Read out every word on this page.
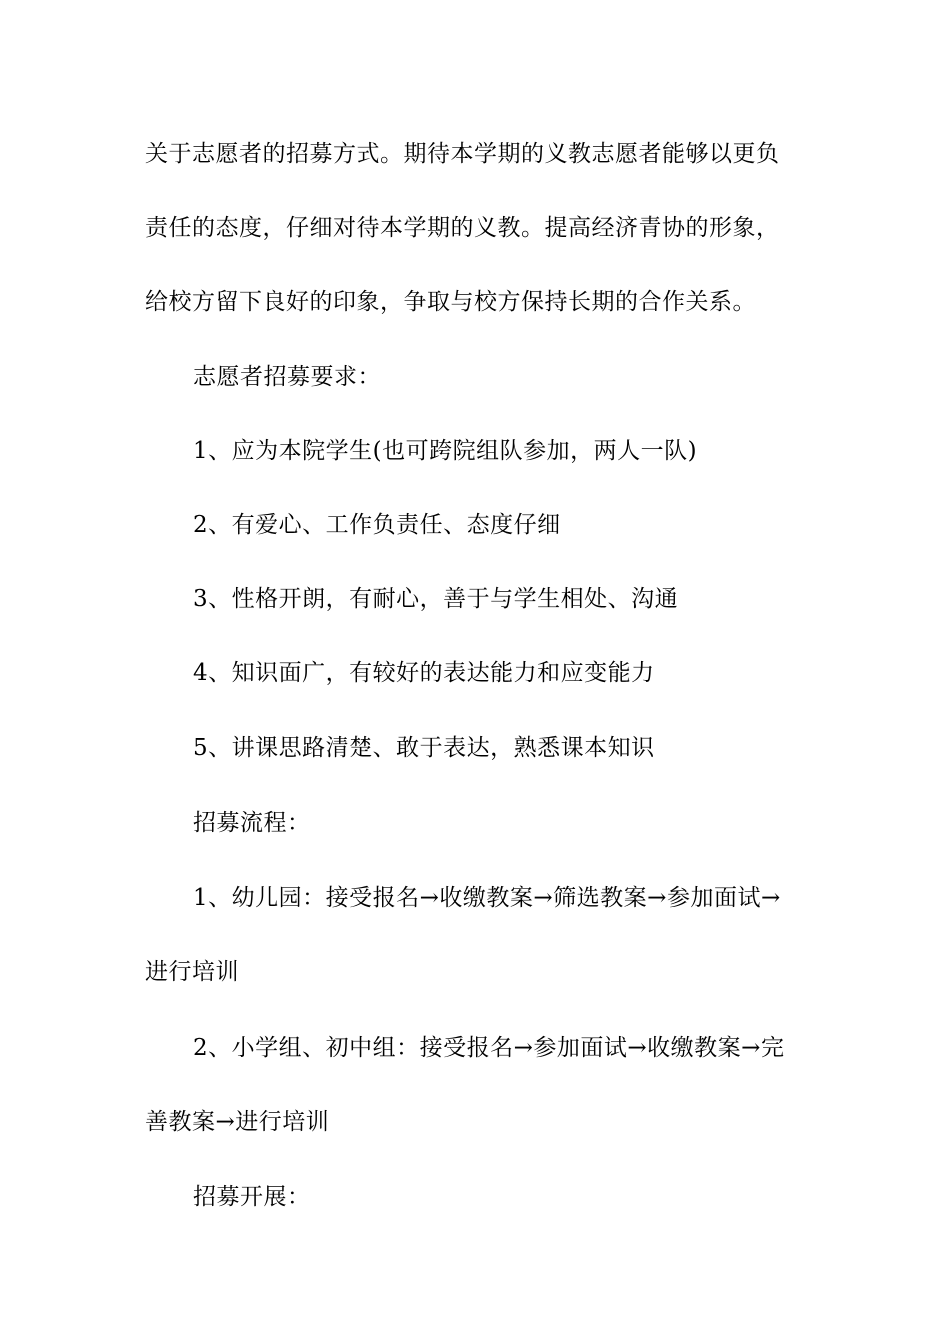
关于志愿者的招募方式。期待本学期的义教志愿者能够以更负
责任的态度，仔细对待本学期的义教。提高经济青协的形象，
给校方留下良好的印象，争取与校方保持长期的合作关系。
志愿者招募要求：
1、应为本院学生(也可跨院组队参加，两人一队)
2、有爱心、工作负责任、态度仔细
3、性格开朗，有耐心，善于与学生相处、沟通
4、知识面广，有较好的表达能力和应变能力
5、讲课思路清楚、敢于表达，熟悉课本知识
招募流程：
1、幼儿园：接受报名→收缴教案→筛选教案→参加面试→
进行培训
2、小学组、初中组：接受报名→参加面试→收缴教案→完
善教案→进行培训
招募开展：
